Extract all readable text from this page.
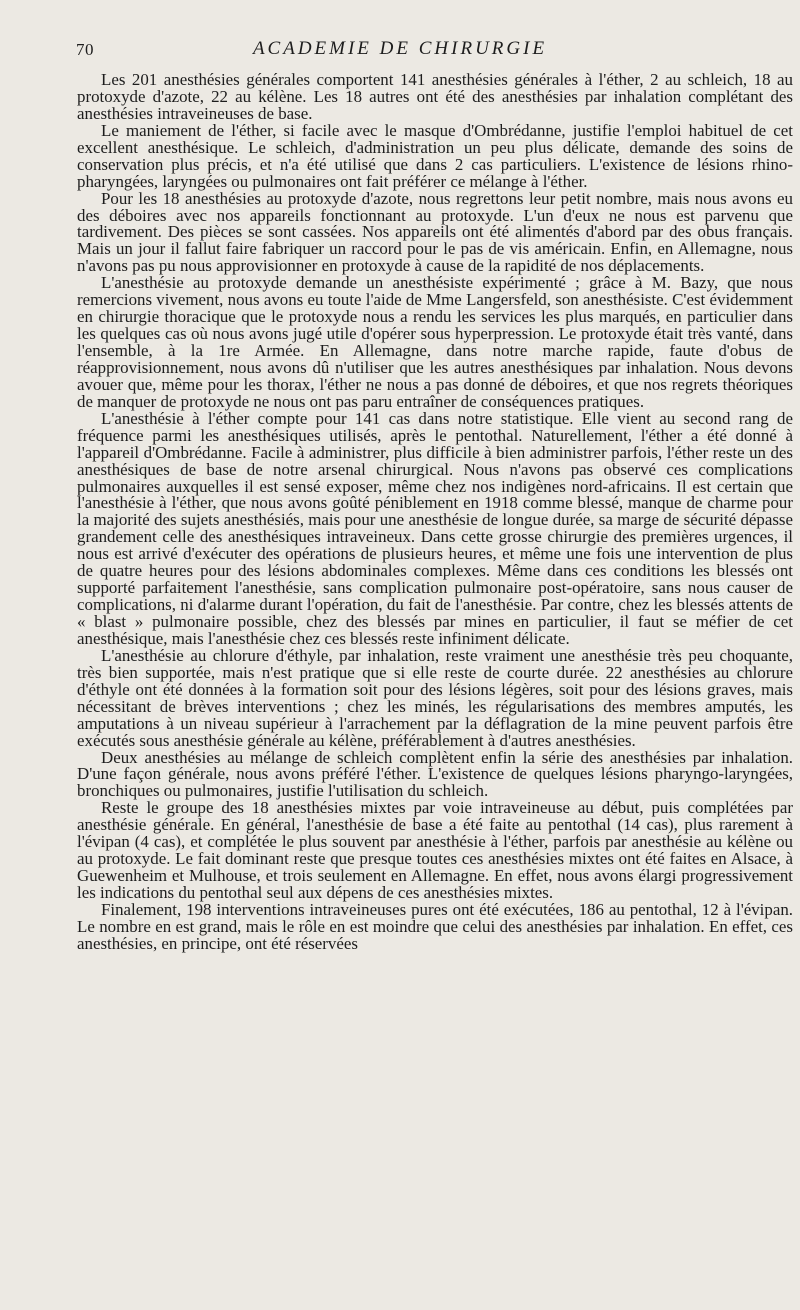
70	ACADEMIE DE CHIRURGIE

Les 201 anesthésies générales comportent 141 anesthésies générales à l'éther, 2 au schleich, 18 au protoxyde d'azote, 22 au kélène. Les 18 autres ont été des anesthésies par inhalation complétant des anesthésies intraveineuses de base.

Le maniement de l'éther, si facile avec le masque d'Ombrédanne, justifie l'emploi habituel de cet excellent anesthésique. Le schleich, d'administration un peu plus délicate, demande des soins de conservation plus précis, et n'a été utilisé que dans 2 cas particuliers. L'existence de lésions rhino-pharyngées, laryngées ou pulmonaires ont fait préférer ce mélange à l'éther.

Pour les 18 anesthésies au protoxyde d'azote, nous regrettons leur petit nombre, mais nous avons eu des déboires avec nos appareils fonctionnant au protoxyde. L'un d'eux ne nous est parvenu que tardivement. Des pièces se sont cassées. Nos appareils ont été alimentés d'abord par des obus français. Mais un jour il fallut faire fabriquer un raccord pour le pas de vis américain. Enfin, en Allemagne, nous n'avons pas pu nous approvisionner en protoxyde à cause de la rapidité de nos déplacements.

L'anesthésie au protoxyde demande un anesthésiste expérimenté ; grâce à M. Bazy, que nous remercions vivement, nous avons eu toute l'aide de Mme Langersfeld, son anesthésiste. C'est évidemment en chirurgie thoracique que le protoxyde nous a rendu les services les plus marqués, en particulier dans les quelques cas où nous avons jugé utile d'opérer sous hyperpression. Le protoxyde était très vanté, dans l'ensemble, à la 1re Armée. En Allemagne, dans notre marche rapide, faute d'obus de réapprovisionnement, nous avons dû n'utiliser que les autres anesthésiques par inhalation. Nous devons avouer que, même pour les thorax, l'éther ne nous a pas donné de déboires, et que nos regrets théoriques de manquer de protoxyde ne nous ont pas paru entraîner de conséquences pratiques.

L'anesthésie à l'éther compte pour 141 cas dans notre statistique. Elle vient au second rang de fréquence parmi les anesthésiques utilisés, après le pentothal. Naturellement, l'éther a été donné à l'appareil d'Ombrédanne. Facile à administrer, plus difficile à bien administrer parfois, l'éther reste un des anesthésiques de base de notre arsenal chirurgical. Nous n'avons pas observé ces complications pulmonaires auxquelles il est sensé exposer, même chez nos indigènes nord-africains. Il est certain que l'anesthésie à l'éther, que nous avons goûté péniblement en 1918 comme blessé, manque de charme pour la majorité des sujets anesthésiés, mais pour une anesthésie de longue durée, sa marge de sécurité dépasse grandement celle des anesthésiques intraveineux. Dans cette grosse chirurgie des premières urgences, il nous est arrivé d'exécuter des opérations de plusieurs heures, et même une fois une intervention de plus de quatre heures pour des lésions abdominales complexes. Même dans ces conditions les blessés ont supporté parfaitement l'anesthésie, sans complication pulmonaire post-opératoire, sans nous causer de complications, ni d'alarme durant l'opération, du fait de l'anesthésie. Par contre, chez les blessés attents de « blast » pulmonaire possible, chez des blessés par mines en particulier, il faut se méfier de cet anesthésique, mais l'anesthésie chez ces blessés reste infiniment délicate.

L'anesthésie au chlorure d'éthyle, par inhalation, reste vraiment une anesthésie très peu choquante, très bien supportée, mais n'est pratique que si elle reste de courte durée. 22 anesthésies au chlorure d'éthyle ont été données à la formation soit pour des lésions légères, soit pour des lésions graves, mais nécessitant de brèves interventions ; chez les minés, les régularisations des membres amputés, les amputations à un niveau supérieur à l'arrachement par la déflagration de la mine peuvent parfois être exécutés sous anesthésie générale au kélène, préférablement à d'autres anesthésies.

Deux anesthésies au mélange de schleich complètent enfin la série des anesthésies par inhalation. D'une façon générale, nous avons préféré l'éther. L'existence de quelques lésions pharyngo-laryngées, bronchiques ou pulmonaires, justifie l'utilisation du schleich.

Reste le groupe des 18 anesthésies mixtes par voie intraveineuse au début, puis complétées par anesthésie générale. En général, l'anesthésie de base a été faite au pentothal (14 cas), plus rarement à l'évipan (4 cas), et complétée le plus souvent par anesthésie à l'éther, parfois par anesthésie au kélène ou au protoxyde. Le fait dominant reste que presque toutes ces anesthésies mixtes ont été faites en Alsace, à Guewenheim et Mulhouse, et trois seulement en Allemagne. En effet, nous avons élargi progressivement les indications du pentothal seul aux dépens de ces anesthésies mixtes.

Finalement, 198 interventions intraveineuses pures ont été exécutées, 186 au pentothal, 12 à l'évipan. Le nombre en est grand, mais le rôle en est moindre que celui des anesthésies par inhalation. En effet, ces anesthésies, en principe, ont été réservées
